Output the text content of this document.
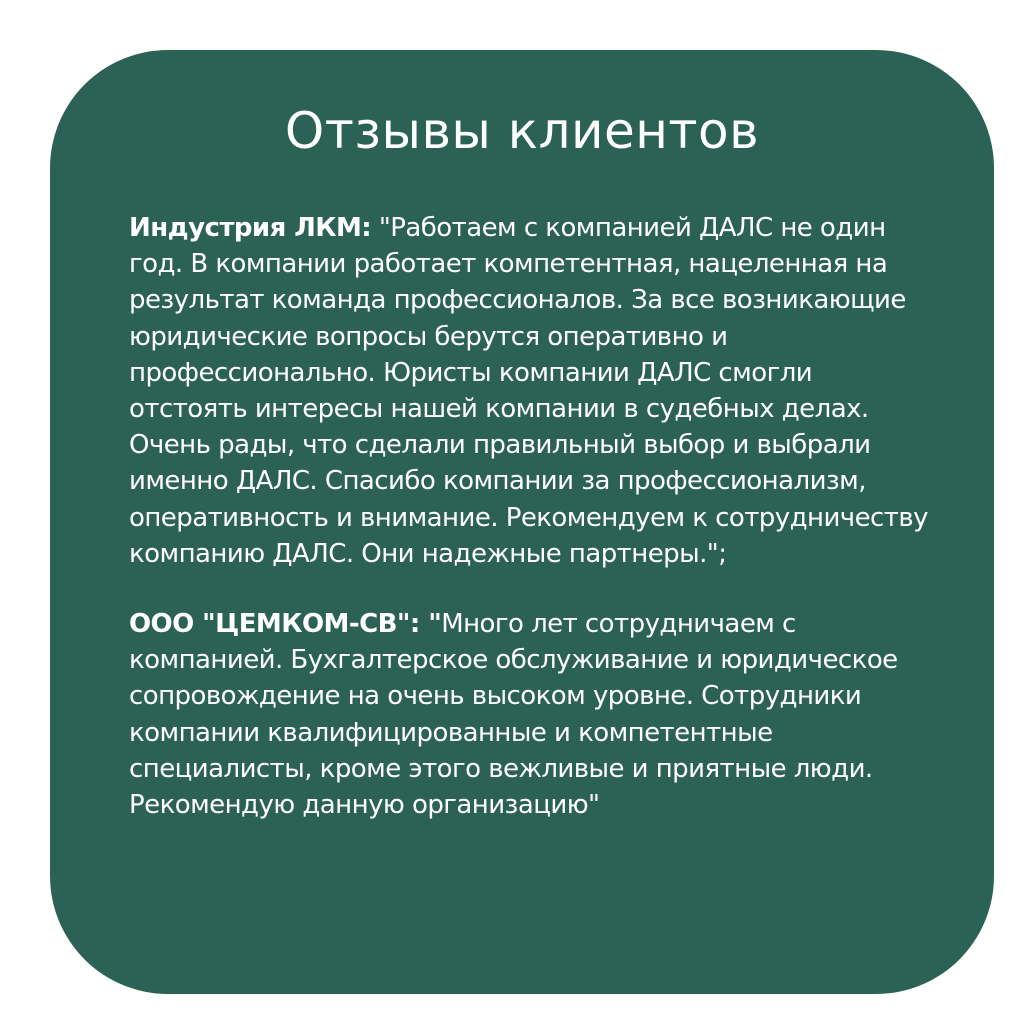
Отзывы клиентов

Индустрия ЛКМ: "Работаем с компанией ДАЛС не один год. В компании работает компетентная, нацеленная на результат команда профессионалов. За все возникающие юридические вопросы берутся оперативно и профессионально. Юристы компании ДАЛС смогли отстоять интересы нашей компании в судебных делах. Очень рады, что сделали правильный выбор и выбрали именно ДАЛС. Спасибо компании за профессионализм, оперативность и внимание. Рекомендуем к сотрудничеству компанию ДАЛС. Они надежные партнеры.";

ООО "ЦЕМКОМ-СВ": "Много лет сотрудничаем с компанией. Бухгалтерское обслуживание и юридическое сопровождение на очень высоком уровне. Сотрудники компании квалифицированные и компетентные специалисты, кроме этого вежливые и приятные люди. Рекомендую данную организацию"
